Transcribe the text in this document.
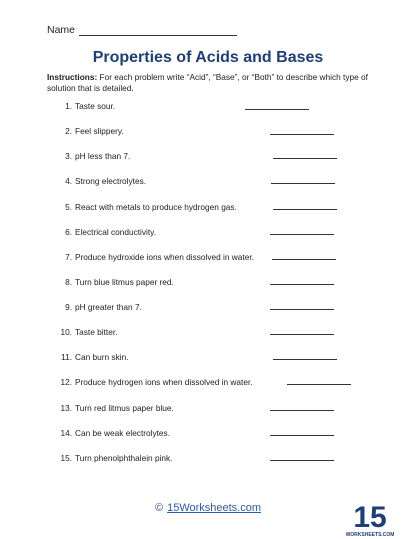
Name
Properties of Acids and Bases
Instructions: For each problem write “Acid”, “Base”, or “Both” to describe which type of solution that is detailed.
1. Taste sour.
2. Feel slippery.
3. pH less than 7.
4. Strong electrolytes.
5. React with metals to produce hydrogen gas.
6. Electrical conductivity.
7. Produce hydroxide ions when dissolved in water.
8. Turn blue litmus paper red.
9. pH greater than 7.
10. Taste bitter.
11. Can burn skin.
12. Produce hydrogen ions when dissolved in water.
13. Turn red litmus paper blue.
14. Can be weak electrolytes.
15. Turn phenolphthalein pink.
© 15Worksheets.com	15
WORKSHEETS.COM
